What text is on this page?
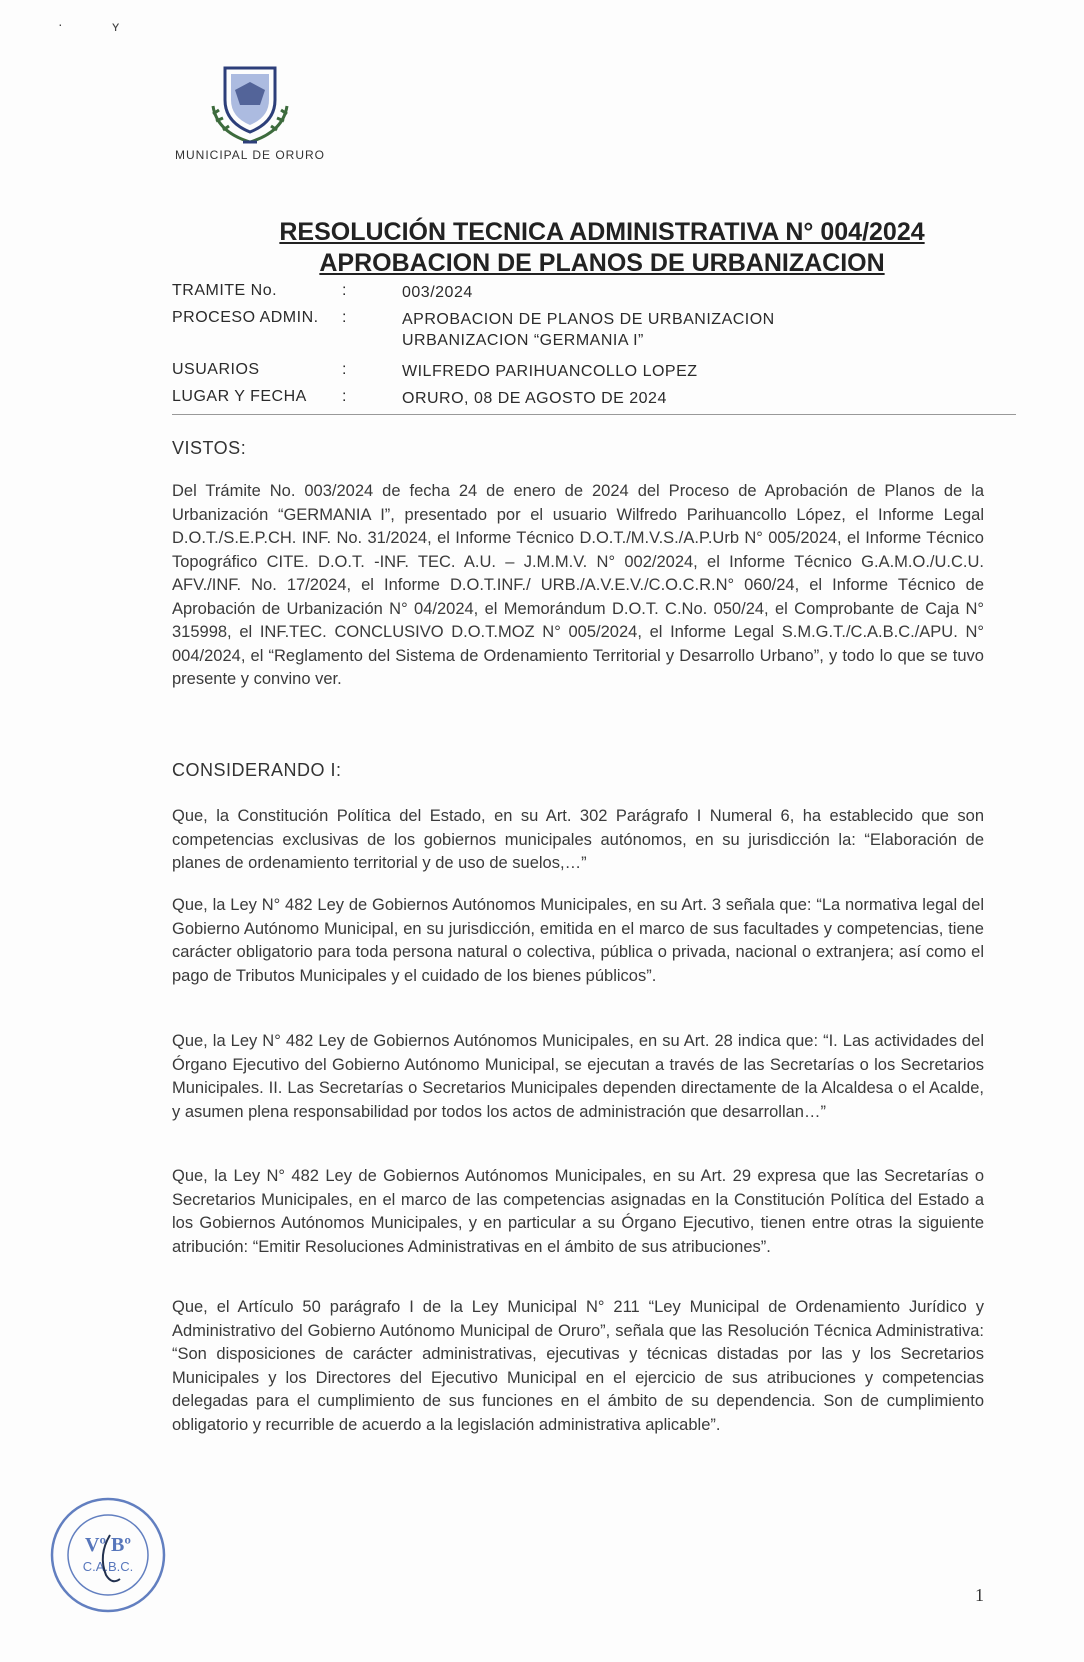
·	ʏ
MUNICIPAL DE ORURO
RESOLUCIÓN TECNICA ADMINISTRATIVA N° 004/2024
APROBACION DE PLANOS DE URBANIZACION
TRAMITE No.	:	003/2024
PROCESO ADMIN.	:	APROBACION DE PLANOS DE URBANIZACION
URBANIZACION “GERMANIA I”
USUARIOS	:	WILFREDO PARIHUANCOLLO LOPEZ
LUGAR Y FECHA	:	ORURO, 08 DE AGOSTO DE 2024
VISTOS:
Del Trámite No. 003/2024 de fecha 24 de enero de 2024 del Proceso de Aprobación de Planos de la Urbanización “GERMANIA I”, presentado por el usuario Wilfredo Parihuancollo López, el Informe Legal D.O.T./S.E.P.CH. INF. No. 31/2024, el Informe Técnico D.O.T./M.V.S./A.P.Urb N° 005/2024, el Informe Técnico Topográfico CITE. D.O.T. -INF. TEC. A.U. – J.M.M.V. N° 002/2024, el Informe Técnico G.A.M.O./U.C.U. AFV./INF. No. 17/2024, el Informe D.O.T.INF./ URB./A.V.E.V./C.O.C.R.N° 060/24, el Informe Técnico de Aprobación de Urbanización N° 04/2024, el Memorándum D.O.T. C.No. 050/24, el Comprobante de Caja N° 315998, el INF.TEC. CONCLUSIVO D.O.T.MOZ N° 005/2024, el Informe Legal S.M.G.T./C.A.B.C./APU. N° 004/2024, el “Reglamento del Sistema de Ordenamiento Territorial y Desarrollo Urbano”, y todo lo que se tuvo presente y convino ver.
CONSIDERANDO I:
Que, la Constitución Política del Estado, en su Art. 302 Parágrafo I Numeral 6, ha establecido que son competencias exclusivas de los gobiernos municipales autónomos, en su jurisdicción la: “Elaboración de planes de ordenamiento territorial y de uso de suelos,…”
Que, la Ley N° 482 Ley de Gobiernos Autónomos Municipales, en su Art. 3 señala que: “La normativa legal del Gobierno Autónomo Municipal, en su jurisdicción, emitida en el marco de sus facultades y competencias, tiene carácter obligatorio para toda persona natural o colectiva, pública o privada, nacional o extranjera; así como el pago de Tributos Municipales y el cuidado de los bienes públicos”.
Que, la Ley N° 482 Ley de Gobiernos Autónomos Municipales, en su Art. 28 indica que: “I. Las actividades del Órgano Ejecutivo del Gobierno Autónomo Municipal, se ejecutan a través de las Secretarías o los Secretarios Municipales. II. Las Secretarías o Secretarios Municipales dependen directamente de la Alcaldesa o el Acalde, y asumen plena responsabilidad por todos los actos de administración que desarrollan…”
Que, la Ley N° 482 Ley de Gobiernos Autónomos Municipales, en su Art. 29 expresa que las Secretarías o Secretarios Municipales, en el marco de las competencias asignadas en la Constitución Política del Estado a los Gobiernos Autónomos Municipales, y en particular a su Órgano Ejecutivo, tienen entre otras la siguiente atribución: “Emitir Resoluciones Administrativas en el ámbito de sus atribuciones”.
Que, el Artículo 50 parágrafo I de la Ley Municipal N° 211 “Ley Municipal de Ordenamiento Jurídico y Administrativo del Gobierno Autónomo Municipal de Oruro”, señala que las Resolución Técnica Administrativa: “Son disposiciones de carácter administrativas, ejecutivas y técnicas distadas por las y los Secretarios Municipales y los Directores del Ejecutivo Municipal en el ejercicio de sus atribuciones y competencias delegadas para el cumplimiento de sus funciones en el ámbito de su dependencia. Son de cumplimiento obligatorio y recurrible de acuerdo a la legislación administrativa aplicable”.
Vº Bº
C.A.B.C.
1
